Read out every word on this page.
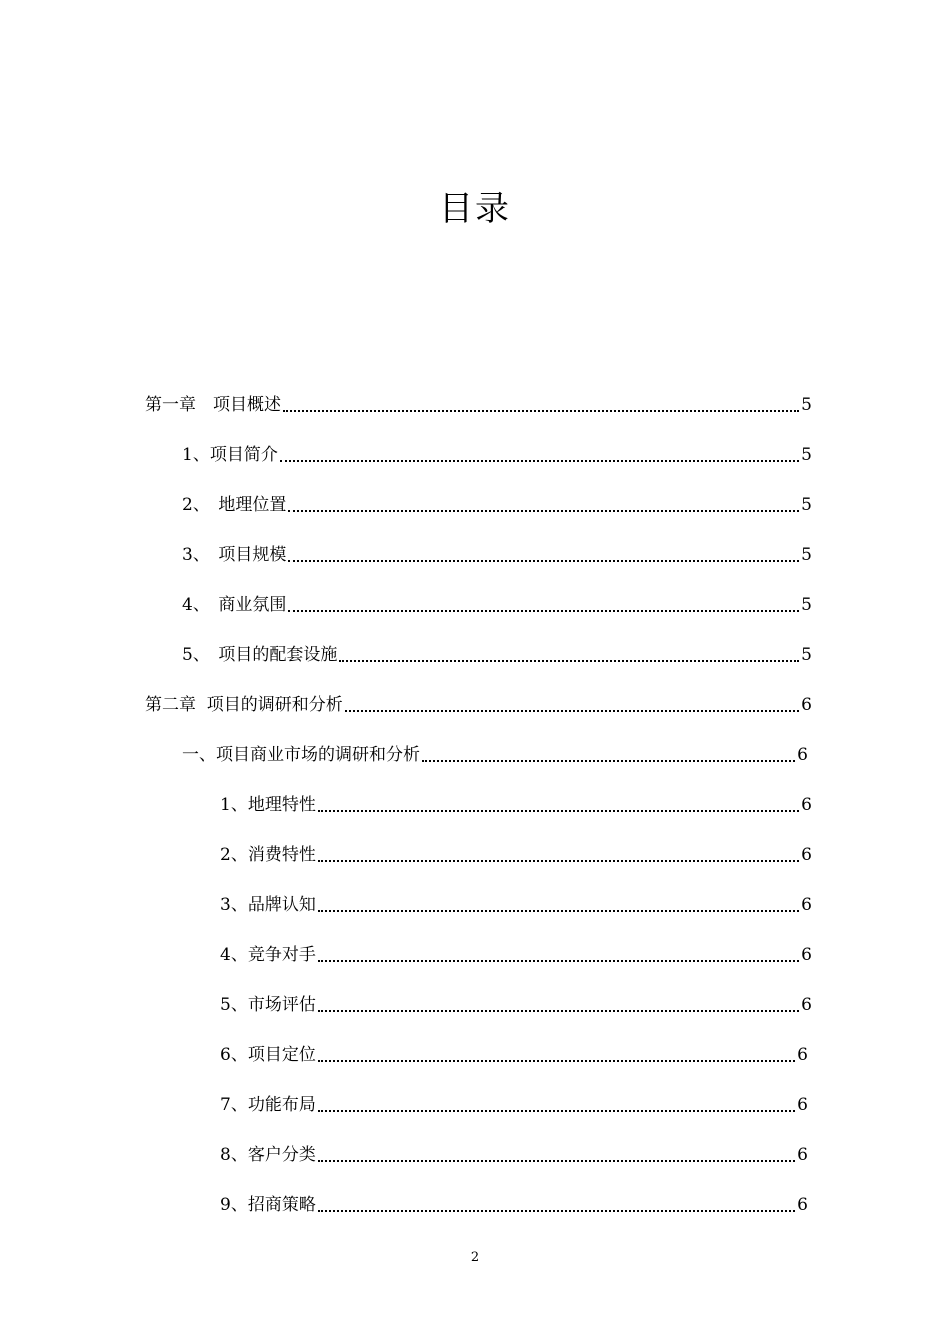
目录
第一章　项目概述	5
1、项目简介	5
2、　地理位置	5
3、　项目规模	5
4、　商业氛围	5
5、　项目的配套设施	5
第二章  项目的调研和分析	6
一、项目商业市场的调研和分析	6
1、地理特性	6
2、消费特性	6
3、品牌认知	6
4、竞争对手	6
5、市场评估	6
6、项目定位	6
7、功能布局	6
8、客户分类	6
9、招商策略	6
2
